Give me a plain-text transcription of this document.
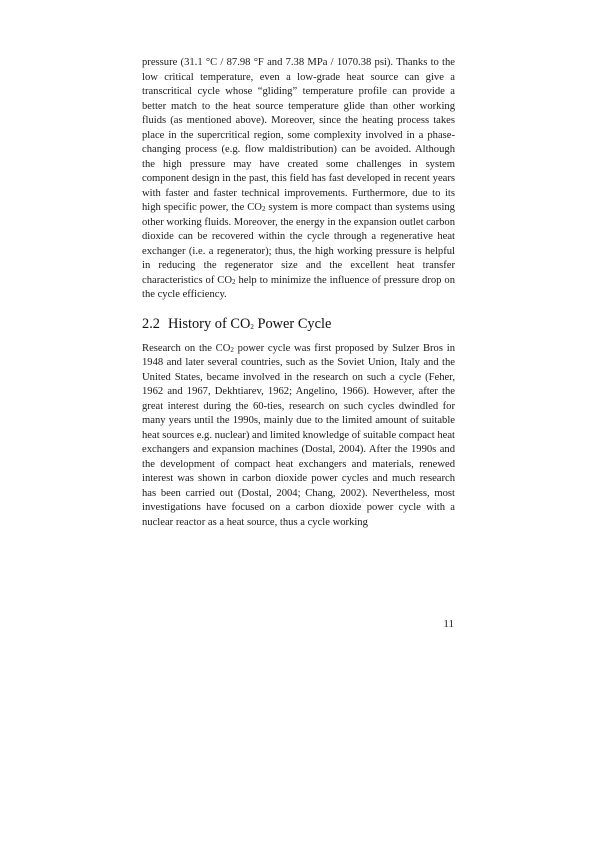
pressure (31.1 °C / 87.98 °F and 7.38 MPa / 1070.38 psi). Thanks to the low critical temperature, even a low-grade heat source can give a transcritical cycle whose “gliding” temperature profile can provide a better match to the heat source temperature glide than other working fluids (as mentioned above). Moreover, since the heating process takes place in the supercritical region, some complexity involved in a phase-changing process (e.g. flow maldistribution) can be avoided. Although the high pressure may have created some challenges in system component design in the past, this field has fast developed in recent years with faster and faster technical improvements. Furthermore, due to its high specific power, the $CO_2$ system is more compact than systems using other working fluids. Moreover, the energy in the expansion outlet carbon dioxide can be recovered within the cycle through a regenerative heat exchanger (i.e. a regenerator); thus, the high working pressure is helpful in reducing the regenerator size and the excellent heat transfer characteristics of $CO_2$ help to minimize the influence of pressure drop on the cycle efficiency.

2.2 History of $CO_2$ Power Cycle

Research on the $CO_2$ power cycle was first proposed by Sulzer Bros in 1948 and later several countries, such as the Soviet Union, Italy and the United States, became involved in the research on such a cycle (Feher, 1962 and 1967, Dekhtiarev, 1962; Angelino, 1966). However, after the great interest during the 60-ties, research on such cycles dwindled for many years until the 1990s, mainly due to the limited amount of suitable heat sources e.g. nuclear) and limited knowledge of suitable compact heat exchangers and expansion machines (Dostal, 2004). After the 1990s and the development of compact heat exchangers and materials, renewed interest was shown in carbon dioxide power cycles and much research has been carried out (Dostal, 2004; Chang, 2002). Nevertheless, most investigations have focused on a carbon dioxide power cycle with a nuclear reactor as a heat source, thus a cycle working

11
